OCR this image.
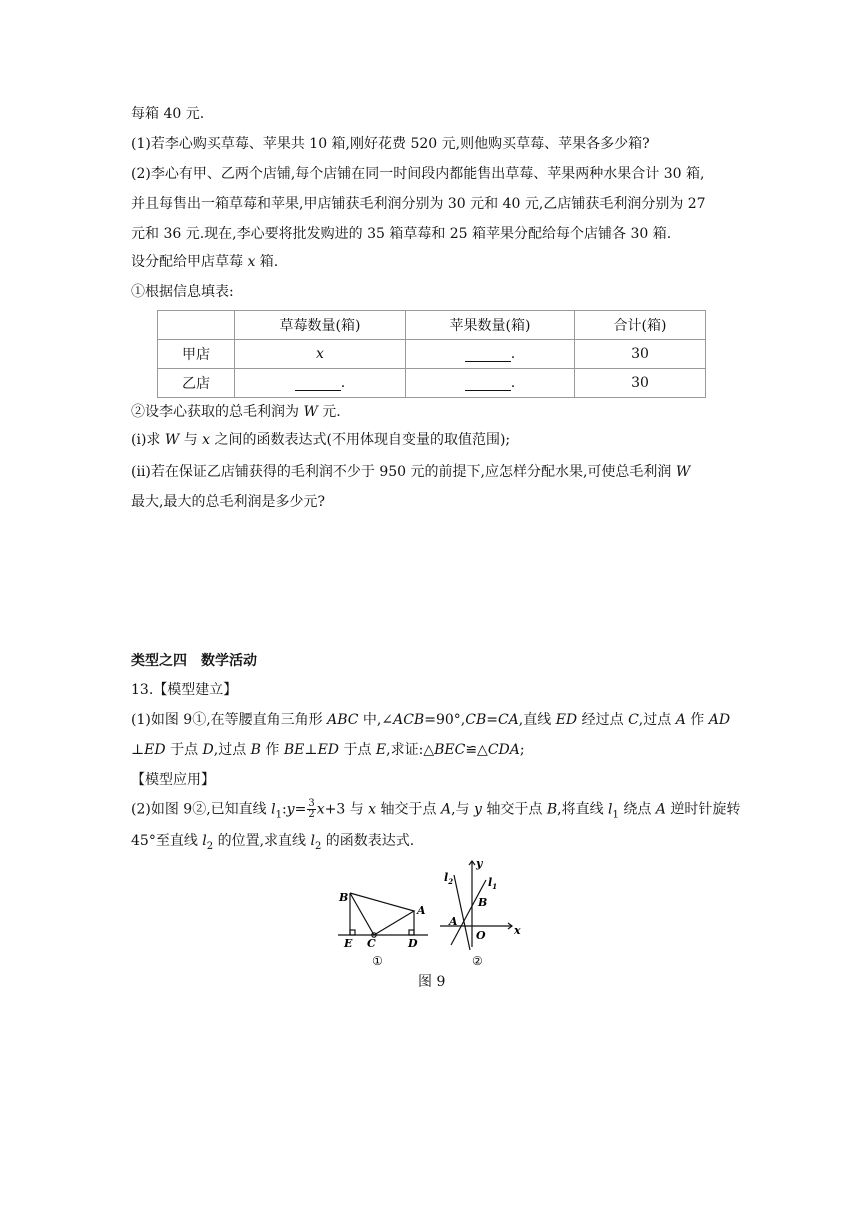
每箱 40 元.
(1)若李心购买草莓、苹果共 10 箱,刚好花费 520 元,则他购买草莓、苹果各多少箱?
(2)李心有甲、乙两个店铺,每个店铺在同一时间段内都能售出草莓、苹果两种水果合计 30 箱,
并且每售出一箱草莓和苹果,甲店铺获毛利润分别为 30 元和 40 元,乙店铺获毛利润分别为 27
元和 36 元.现在,李心要将批发购进的 35 箱草莓和 25 箱苹果分配给每个店铺各 30 箱.
设分配给甲店草莓 x 箱.
①根据信息填表:
	草莓数量(箱)	苹果数量(箱)	合计(箱)
甲店	x	.	30
乙店	.	.	30
②设李心获取的总毛利润为 W 元.
(ⅰ)求 W 与 x 之间的函数表达式(不用体现自变量的取值范围);
(ⅱ)若在保证乙店铺获得的毛利润不少于 950 元的前提下,应怎样分配水果,可使总毛利润 W
最大,最大的总毛利润是多少元?
类型之四　数学活动
13.【模型建立】
(1)如图 9①,在等腰直角三角形 ABC 中,∠ACB=90°,CB=CA,直线 ED 经过点 C,过点 A 作 AD
⊥ED 于点 D,过点 B 作 BE⊥ED 于点 E,求证:△BEC≌△CDA;
【模型应用】
(2)如图 9②,已知直线 $l_1:y= \frac{3}{2} x+3$ 与 x 轴交于点 A,与 y 轴交于点 B,将直线 $l_1$ 绕点 A 逆时针旋转
45°至直线 $l_2$ 的位置,求直线 $l_2$ 的函数表达式.
B
A
E C	D
①
y
$l_2$	$l_1$
B
A
O	x
②
图 9
